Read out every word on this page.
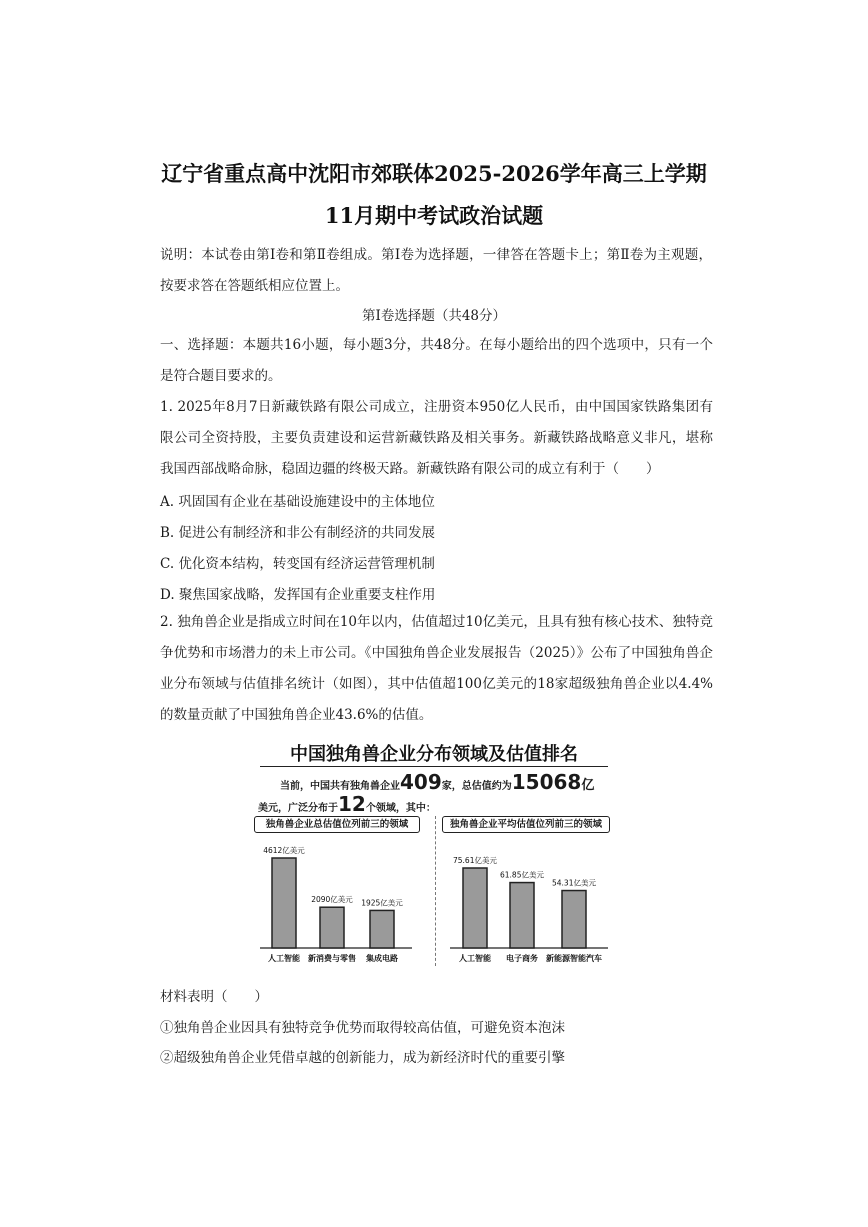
辽宁省重点高中沈阳市郊联体2025-2026学年高三上学期
11月期中考试政治试题
说明：本试卷由第Ⅰ卷和第Ⅱ卷组成。第Ⅰ卷为选择题，一律答在答题卡上；第Ⅱ卷为主观题，按要求答在答题纸相应位置上。
第Ⅰ卷选择题（共48分）
一、选择题：本题共16小题，每小题3分，共48分。在每小题给出的四个选项中，只有一个是符合题目要求的。
1. 2025年8月7日新藏铁路有限公司成立，注册资本950亿人民币，由中国国家铁路集团有限公司全资持股，主要负责建设和运营新藏铁路及相关事务。新藏铁路战略意义非凡，堪称我国西部战略命脉，稳固边疆的终极天路。新藏铁路有限公司的成立有利于（　　）
A. 巩固国有企业在基础设施建设中的主体地位
B. 促进公有制经济和非公有制经济的共同发展
C. 优化资本结构，转变国有经济运营管理机制
D. 聚焦国家战略，发挥国有企业重要支柱作用
2. 独角兽企业是指成立时间在10年以内，估值超过10亿美元，且具有独有核心技术、独特竞争优势和市场潜力的未上市公司。《中国独角兽企业发展报告（2025）》公布了中国独角兽企业分布领域与估值排名统计（如图），其中估值超100亿美元的18家超级独角兽企业以4.4%的数量贡献了中国独角兽企业43.6%的估值。
中国独角兽企业分布领域及估值排名
当前，中国共有独角兽企业409家，总估值约为15068亿
美元，广泛分布于12个领域，其中：
独角兽企业总估值位列前三的领域	独角兽企业平均估值位列前三的领域
4612亿美元
人工智能
2090亿美元
新消费与零售
1925亿美元
集成电路
75.61亿美元
人工智能
61.85亿美元
电子商务
54.31亿美元
新能源智能汽车
材料表明（　　）
①独角兽企业因具有独特竞争优势而取得较高估值，可避免资本泡沫
②超级独角兽企业凭借卓越的创新能力，成为新经济时代的重要引擎
